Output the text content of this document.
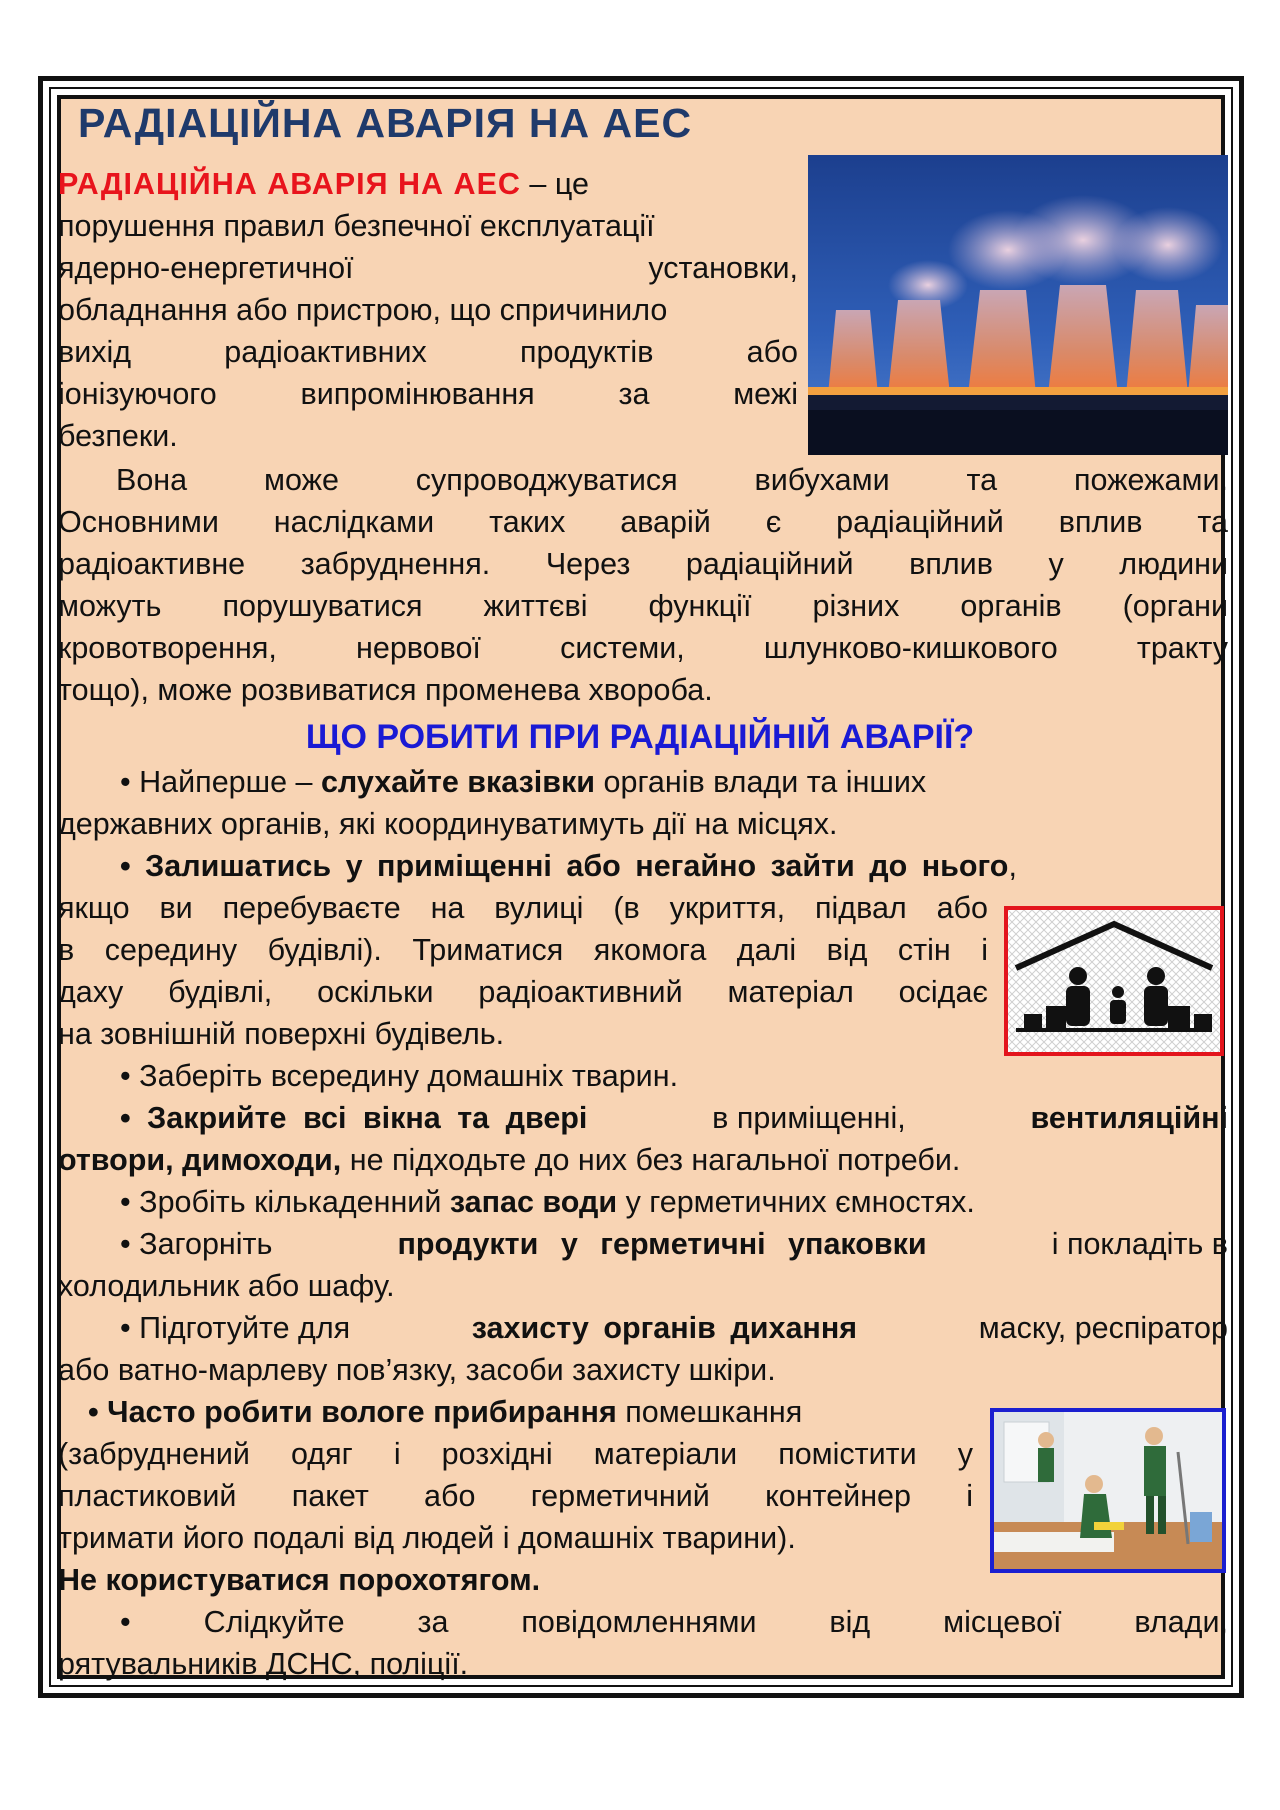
РАДІАЦІЙНА АВАРІЯ НА АЕС

РАДІАЦІЙНА АВАРІЯ НА АЕС – це

порушення правил безпечної експлуатації

ядерно-енергетичної установки,

обладнання або пристрою, що спричинило

вихід радіоактивних продуктів або

іонізуючого випромінювання за межі

безпеки.

Вона може супроводжуватися вибухами та пожежами.

Основними наслідками таких аварій є радіаційний вплив та

радіоактивне забруднення. Через радіаційний вплив у людини

можуть порушуватися життєві функції різних органів (органи

кровотворення, нервової системи, шлунково-кишкового тракту

тощо), може розвиватися променева хвороба.

ЩО РОБИТИ ПРИ РАДІАЦІЙНІЙ АВАРІЇ?

• Найперше – слухайте вказівки органів влади та інших

державних органів, які координуватимуть дії на місцях.

• Залишатись у приміщенні або негайно зайти до нього,

якщо ви перебуваєте на вулиці (в укриття, підвал або

в середину будівлі). Триматися якомога далі від стін і

даху будівлі, оскільки радіоактивний матеріал осідає

на зовнішній поверхні будівель.

• Заберіть всередину домашніх тварин.

• Закрийте всі вікна та двері	в приміщенні,	вентиляційні

отвори, димоходи, не підходьте до них без нагальної потреби.

• Зробіть кількаденний запас води у герметичних ємностях.

• Загорніть	продукти у герметичні упаковки	і покладіть в

холодильник або шафу.

• Підготуйте для	захисту органів дихання	маску, респіратор

або ватно-марлеву пов’язку, засоби захисту шкіри.

• Часто робити вологе прибирання помешкання

(забруднений одяг і розхідні матеріали помістити у

пластиковий пакет або герметичний контейнер і

тримати його подалі від людей і домашніх тварини).

Не користуватися порохотягом.

• Слідкуйте за повідомленнями від місцевої влади,

рятувальників ДСНС, поліції.
